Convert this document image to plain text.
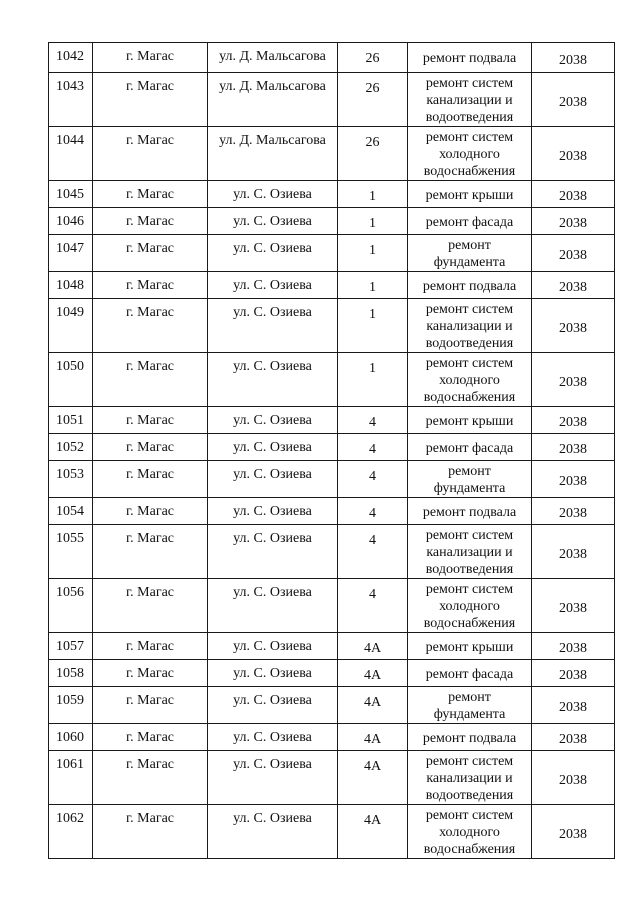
1042	г. Магас	ул. Д. Мальсагова	26	ремонт подвала	2038
1043	г. Магас	ул. Д. Мальсагова	26	ремонт систем канализации и водоотведения	2038
1044	г. Магас	ул. Д. Мальсагова	26	ремонт систем холодного водоснабжения	2038
1045	г. Магас	ул. С. Озиева	1	ремонт крыши	2038
1046	г. Магас	ул. С. Озиева	1	ремонт фасада	2038
1047	г. Магас	ул. С. Озиева	1	ремонт фундамента	2038
1048	г. Магас	ул. С. Озиева	1	ремонт подвала	2038
1049	г. Магас	ул. С. Озиева	1	ремонт систем канализации и водоотведения	2038
1050	г. Магас	ул. С. Озиева	1	ремонт систем холодного водоснабжения	2038
1051	г. Магас	ул. С. Озиева	4	ремонт крыши	2038
1052	г. Магас	ул. С. Озиева	4	ремонт фасада	2038
1053	г. Магас	ул. С. Озиева	4	ремонт фундамента	2038
1054	г. Магас	ул. С. Озиева	4	ремонт подвала	2038
1055	г. Магас	ул. С. Озиева	4	ремонт систем канализации и водоотведения	2038
1056	г. Магас	ул. С. Озиева	4	ремонт систем холодного водоснабжения	2038
1057	г. Магас	ул. С. Озиева	4А	ремонт крыши	2038
1058	г. Магас	ул. С. Озиева	4А	ремонт фасада	2038
1059	г. Магас	ул. С. Озиева	4А	ремонт фундамента	2038
1060	г. Магас	ул. С. Озиева	4А	ремонт подвала	2038
1061	г. Магас	ул. С. Озиева	4А	ремонт систем канализации и водоотведения	2038
1062	г. Магас	ул. С. Озиева	4А	ремонт систем холодного водоснабжения	2038
